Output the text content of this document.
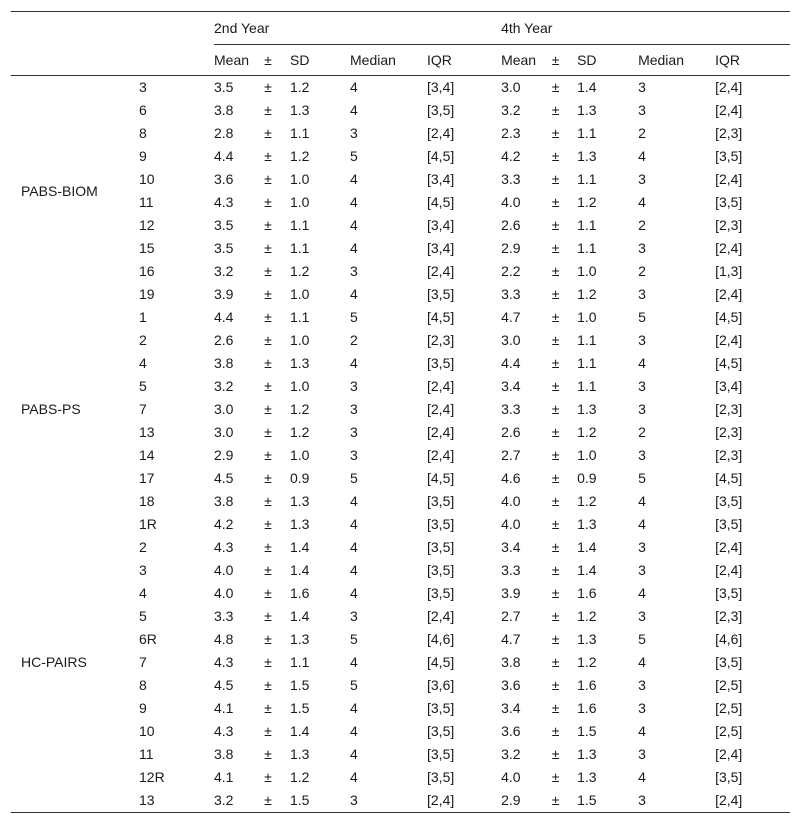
		2nd Year					4th Year					
		Mean	±	SD	Median	IQR	Mean	±	SD	Median	IQR	
PABS-BIOM	3	3.5	±	1.2	4	[3,4]	3.0	±	1.4	3	[2,4]	
	6	3.8	±	1.3	4	[3,5]	3.2	±	1.3	3	[2,4]	
	8	2.8	±	1.1	3	[2,4]	2.3	±	1.1	2	[2,3]	
	9	4.4	±	1.2	5	[4,5]	4.2	±	1.3	4	[3,5]	
	10	3.6	±	1.0	4	[3,4]	3.3	±	1.1	3	[2,4]	
	11	4.3	±	1.0	4	[4,5]	4.0	±	1.2	4	[3,5]	
	12	3.5	±	1.1	4	[3,4]	2.6	±	1.1	2	[2,3]	
	15	3.5	±	1.1	4	[3,4]	2.9	±	1.1	3	[2,4]	
	16	3.2	±	1.2	3	[2,4]	2.2	±	1.0	2	[1,3]	
	19	3.9	±	1.0	4	[3,5]	3.3	±	1.2	3	[2,4]	
PABS-PS	1	4.4	±	1.1	5	[4,5]	4.7	±	1.0	5	[4,5]	
	2	2.6	±	1.0	2	[2,3]	3.0	±	1.1	3	[2,4]	
	4	3.8	±	1.3	4	[3,5]	4.4	±	1.1	4	[4,5]	
	5	3.2	±	1.0	3	[2,4]	3.4	±	1.1	3	[3,4]	
	7	3.0	±	1.2	3	[2,4]	3.3	±	1.3	3	[2,3]	
	13	3.0	±	1.2	3	[2,4]	2.6	±	1.2	2	[2,3]	
	14	2.9	±	1.0	3	[2,4]	2.7	±	1.0	3	[2,3]	
	17	4.5	±	0.9	5	[4,5]	4.6	±	0.9	5	[4,5]	
	18	3.8	±	1.3	4	[3,5]	4.0	±	1.2	4	[3,5]	
HC-PAIRS	1R	4.2	±	1.3	4	[3,5]	4.0	±	1.3	4	[3,5]	
	2	4.3	±	1.4	4	[3,5]	3.4	±	1.4	3	[2,4]	
	3	4.0	±	1.4	4	[3,5]	3.3	±	1.4	3	[2,4]	
	4	4.0	±	1.6	4	[3,5]	3.9	±	1.6	4	[3,5]	
	5	3.3	±	1.4	3	[2,4]	2.7	±	1.2	3	[2,3]	
	6R	4.8	±	1.3	5	[4,6]	4.7	±	1.3	5	[4,6]	
	7	4.3	±	1.1	4	[4,5]	3.8	±	1.2	4	[3,5]	
	8	4.5	±	1.5	5	[3,6]	3.6	±	1.6	3	[2,5]	
	9	4.1	±	1.5	4	[3,5]	3.4	±	1.6	3	[2,5]	
	10	4.3	±	1.4	4	[3,5]	3.6	±	1.5	4	[2,5]	
	11	3.8	±	1.3	4	[3,5]	3.2	±	1.3	3	[2,4]	
	12R	4.1	±	1.2	4	[3,5]	4.0	±	1.3	4	[3,5]	
	13	3.2	±	1.5	3	[2,4]	2.9	±	1.5	3	[2,4]	
